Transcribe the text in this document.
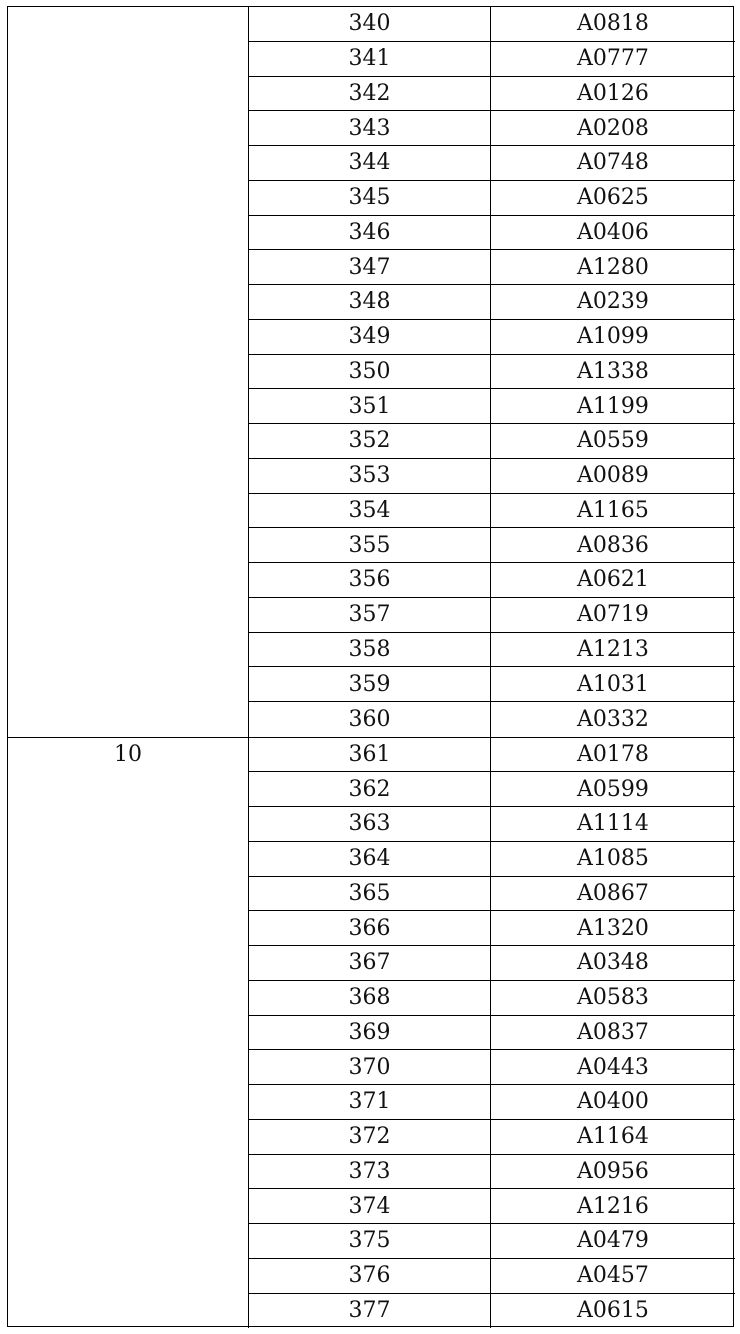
340	A0818
341	A0777
342	A0126
343	A0208
344	A0748
345	A0625
346	A0406
347	A1280
348	A0239
349	A1099
350	A1338
351	A1199
352	A0559
353	A0089
354	A1165
355	A0836
356	A0621
357	A0719
358	A1213
359	A1031
360	A0332
10	361	A0178
362	A0599
363	A1114
364	A1085
365	A0867
366	A1320
367	A0348
368	A0583
369	A0837
370	A0443
371	A0400
372	A1164
373	A0956
374	A1216
375	A0479
376	A0457
377	A0615
